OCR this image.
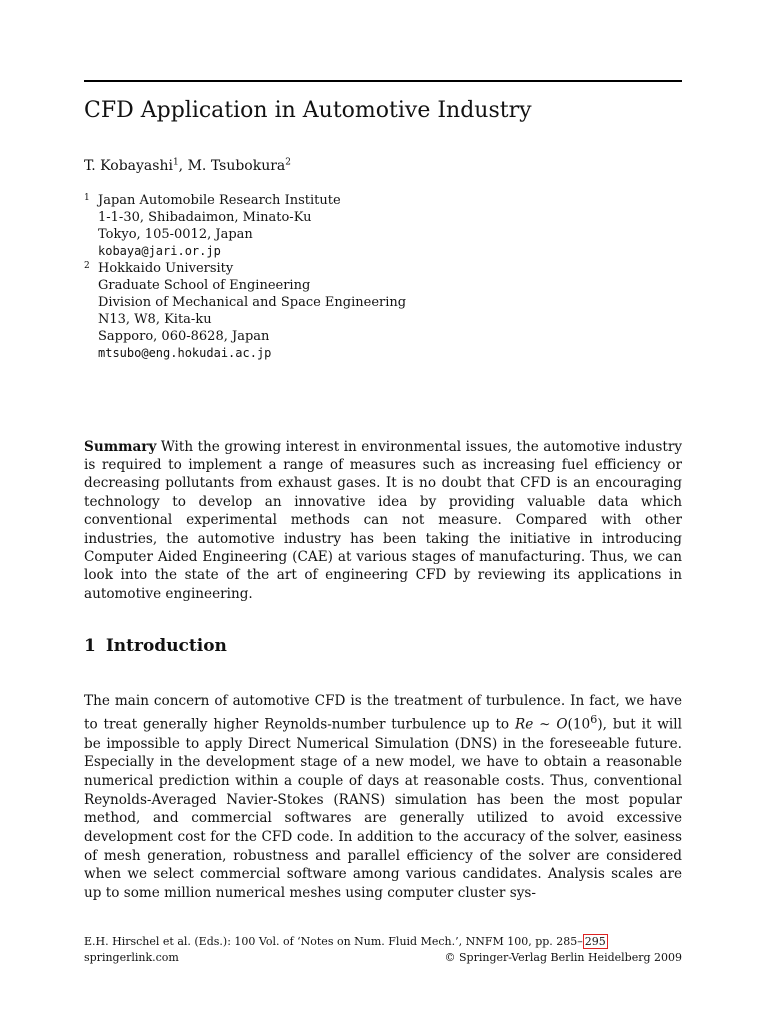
CFD Application in Automotive Industry
T. Kobayashi$^1$, M. Tsubokura$^2$
1 Japan Automobile Research Institute
1-1-30, Shibadaimon, Minato-Ku
Tokyo, 105-0012, Japan
kobaya@jari.or.jp
2 Hokkaido University
Graduate School of Engineering
Division of Mechanical and Space Engineering
N13, W8, Kita-ku
Sapporo, 060-8628, Japan
mtsubo@eng.hokudai.ac.jp

Summary With the growing interest in environmental issues, the automotive industry is required to implement a range of measures such as increasing fuel efficiency or decreasing pollutants from exhaust gases. It is no doubt that CFD is an encouraging technology to develop an innovative idea by providing valuable data which conventional experimental methods can not measure. Compared with other industries, the automotive industry has been taking the initiative in introducing Computer Aided Engineering (CAE) at various stages of manufacturing. Thus, we can look into the state of the art of engineering CFD by reviewing its applications in automotive engineering.

1 Introduction

The main concern of automotive CFD is the treatment of turbulence. In fact, we have to treat generally higher Reynolds-number turbulence up to Re ∼ $O(10^6)$, but it will be impossible to apply Direct Numerical Simulation (DNS) in the foreseeable future. Especially in the development stage of a new model, we have to obtain a reasonable numerical prediction within a couple of days at reasonable costs. Thus, conventional Reynolds-Averaged Navier-Stokes (RANS) simulation has been the most popular method, and commercial softwares are generally utilized to avoid excessive development cost for the CFD code. In addition to the accuracy of the solver, easiness of mesh generation, robustness and parallel efficiency of the solver are considered when we select commercial software among various candidates. Analysis scales are up to some million numerical meshes using computer cluster sys-

E.H. Hirschel et al. (Eds.): 100 Vol. of ‘Notes on Num. Fluid Mech.’, NNFM 100, pp. 285– 295
springerlink.com	© Springer-Verlag Berlin Heidelberg 2009
